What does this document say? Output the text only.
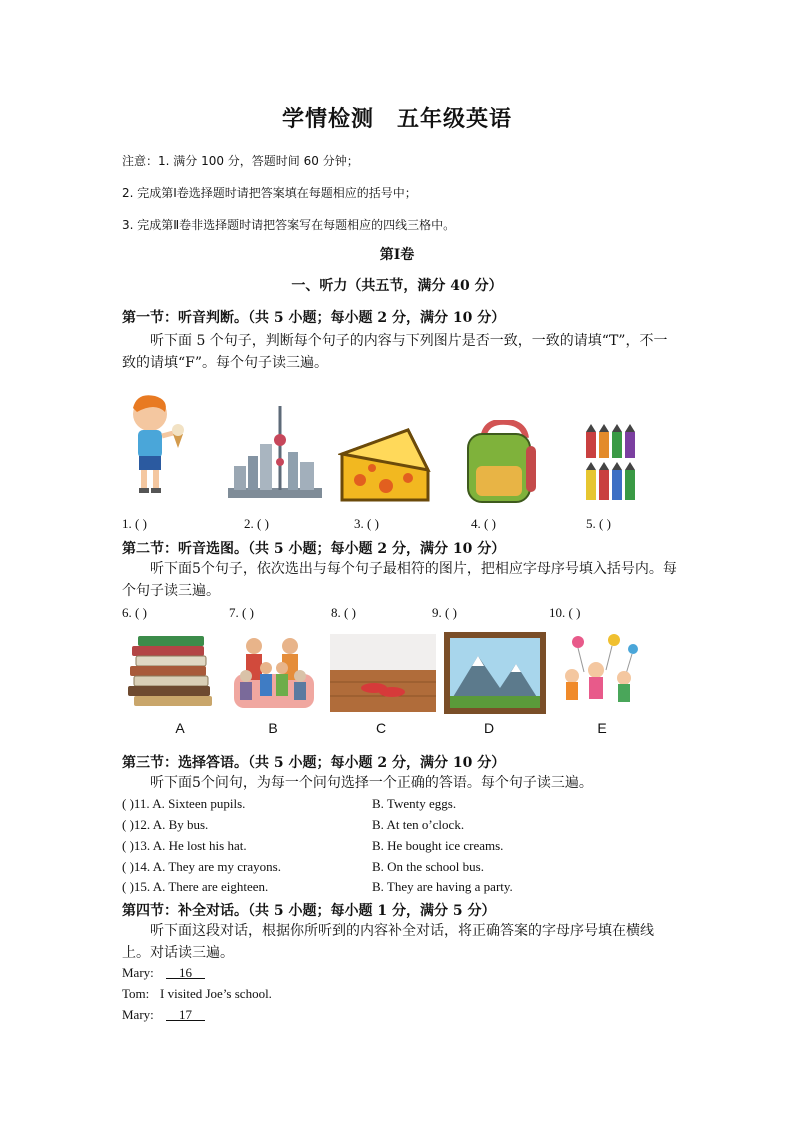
学情检测　五年级英语
注意：1. 满分 100 分，答题时间 60 分钟；
2. 完成第Ⅰ卷选择题时请把答案填在每题相应的括号中；
3. 完成第Ⅱ卷非选择题时请把答案写在每题相应的四线三格中。
第Ⅰ卷
一、听力（共五节，满分 40 分）
第一节：听音判断。（共 5 小题；每小题 2 分，满分 10 分）
听下面 5 个句子，判断每个句子的内容与下列图片是否一致，一致的请填“T”，不一致的请填“F”。每个句子读三遍。
1. ( )	2. ( )	3. ( )	4. ( )	5. ( )
第二节：听音选图。（共 5 小题；每小题 2 分，满分 10 分）
听下面5个句子，依次选出与每个句子最相符的图片，把相应字母序号填入括号内。每个句子读三遍。
6. ( )	7. ( )	8. ( )	9. ( )	10. ( )
A	B	C	D	E
第三节：选择答语。（共 5 小题；每小题 2 分，满分 10 分）
听下面5个问句，为每一个问句选择一个正确的答语。每个句子读三遍。
( )11. A. Sixteen pupils.	B. Twenty eggs.
( )12. A. By bus.	B. At ten o’clock.
( )13. A. He lost his hat.	B. He bought ice creams.
( )14. A. They are my crayons.	B. On the school bus.
( )15. A. There are eighteen.	B. They are having a party.
第四节：补全对话。（共 5 小题；每小题 1 分，满分 5 分）
听下面这段对话，根据你所听到的内容补全对话，将正确答案的字母序号填在横线上。对话读三遍。
Mary: 16
Tom: I visited Joe’s school.
Mary: 17
